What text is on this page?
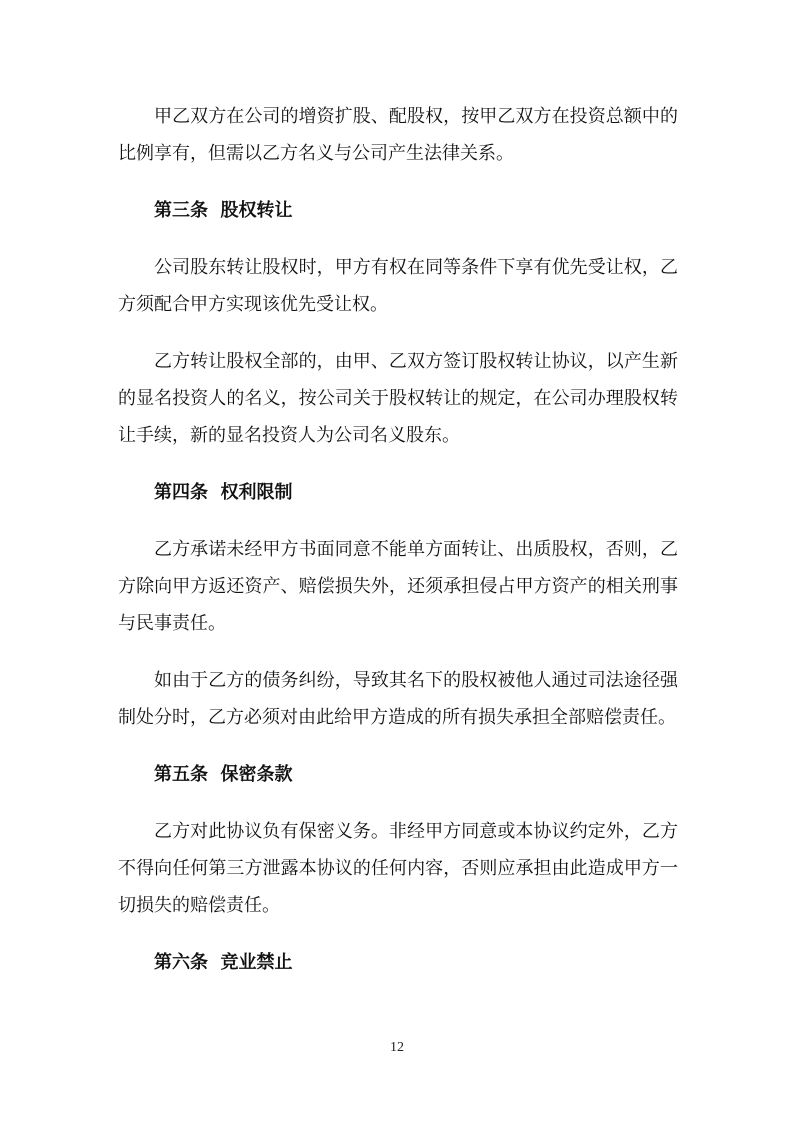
甲乙双方在公司的增资扩股、配股权，按甲乙双方在投资总额中的比例享有，但需以乙方名义与公司产生法律关系。

第三条  股权转让

公司股东转让股权时，甲方有权在同等条件下享有优先受让权，乙方须配合甲方实现该优先受让权。

乙方转让股权全部的，由甲、乙双方签订股权转让协议，以产生新的显名投资人的名义，按公司关于股权转让的规定，在公司办理股权转让手续，新的显名投资人为公司名义股东。

第四条  权利限制

乙方承诺未经甲方书面同意不能单方面转让、出质股权，否则，乙方除向甲方返还资产、赔偿损失外，还须承担侵占甲方资产的相关刑事与民事责任。

如由于乙方的债务纠纷，导致其名下的股权被他人通过司法途径强制处分时，乙方必须对由此给甲方造成的所有损失承担全部赔偿责任。

第五条  保密条款

乙方对此协议负有保密义务。非经甲方同意或本协议约定外，乙方不得向任何第三方泄露本协议的任何内容，否则应承担由此造成甲方一切损失的赔偿责任。

第六条  竞业禁止
12
